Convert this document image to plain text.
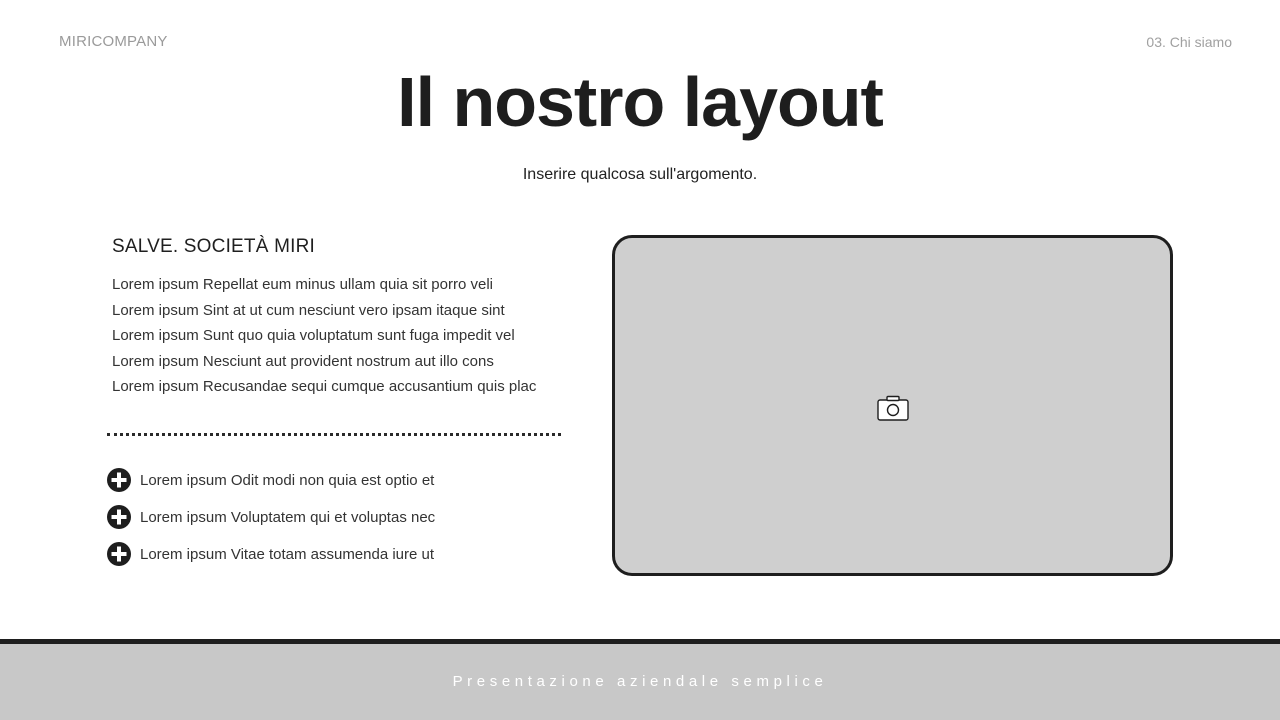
MIRICOMPANY	03. Chi siamo
Il nostro layout
Inserire qualcosa sull'argomento.
SALVE. SOCIETÀ MIRI
Lorem ipsum Repellat eum minus ullam quia sit porro veli
Lorem ipsum Sint at ut cum nesciunt vero ipsam itaque sint
Lorem ipsum Sunt quo quia voluptatum sunt fuga impedit vel
Lorem ipsum Nesciunt aut provident nostrum aut illo cons
Lorem ipsum Recusandae sequi cumque accusantium quis plac
Lorem ipsum Odit modi non quia est optio et
Lorem ipsum Voluptatem qui et voluptas nec
Lorem ipsum Vitae totam assumenda iure ut
Presentazione aziendale semplice
